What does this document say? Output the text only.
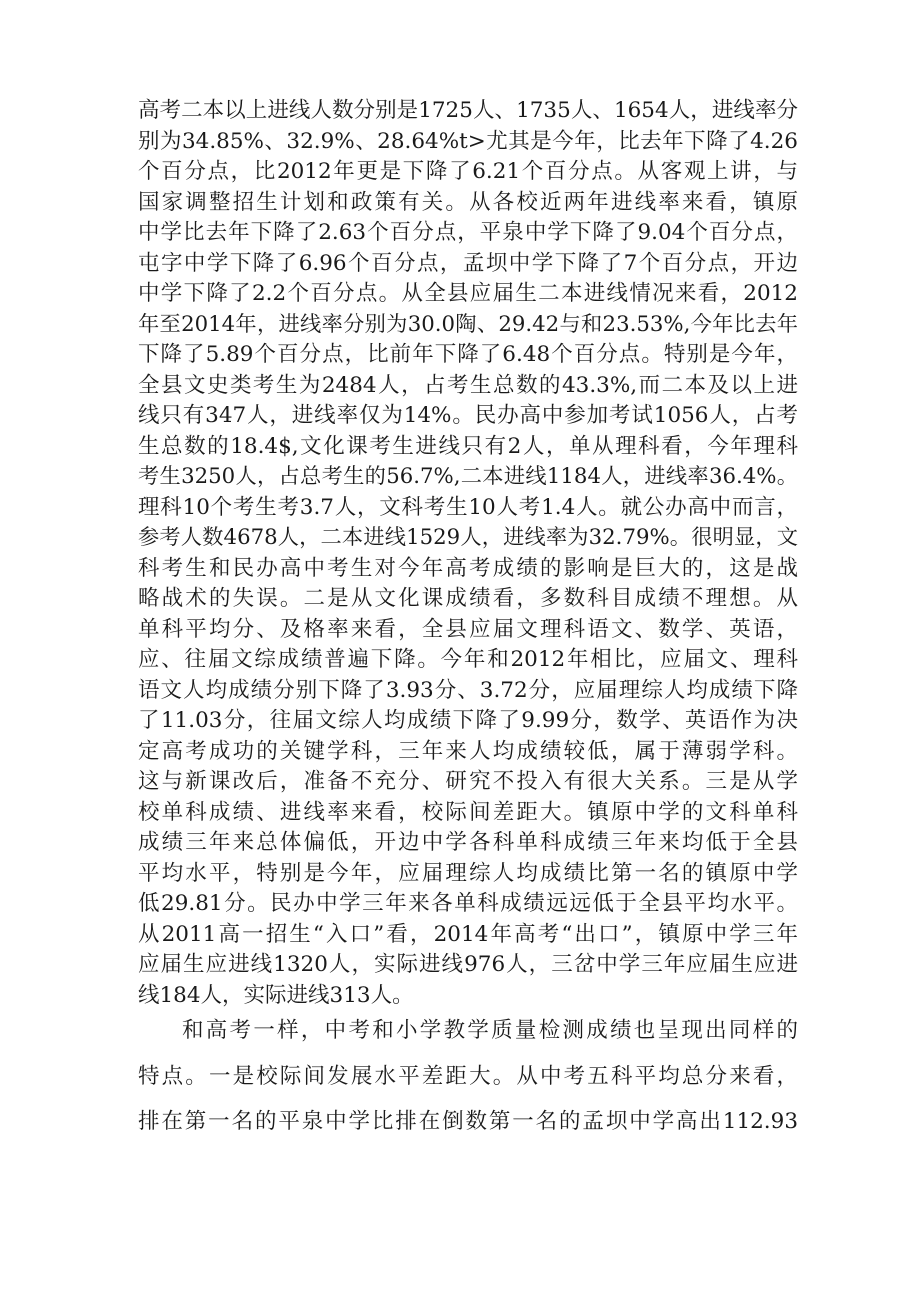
高考二本以上进线人数分别是1725人、1735人、1654人，进线率分
别为34.85%、32.9%、28.64%t>尤其是今年，比去年下降了4.26
个百分点，比2012年更是下降了6.21个百分点。从客观上讲，与
国家调整招生计划和政策有关。从各校近两年进线率来看，镇原
中学比去年下降了2.63个百分点，平泉中学下降了9.04个百分点，
屯字中学下降了6.96个百分点，孟坝中学下降了7个百分点，开边
中学下降了2.2个百分点。从全县应届生二本进线情况来看，2012
年至2014年，进线率分别为30.0陶、29.42与和23.53%,今年比去年
下降了5.89个百分点，比前年下降了6.48个百分点。特别是今年，
全县文史类考生为2484人，占考生总数的43.3%,而二本及以上进
线只有347人，进线率仅为14%。民办高中参加考试1056人，占考
生总数的18.4$,文化课考生进线只有2人，单从理科看，今年理科
考生3250人，占总考生的56.7%,二本进线1184人，进线率36.4%。
理科10个考生考3.7人，文科考生10人考1.4人。就公办高中而言，
参考人数4678人，二本进线1529人，进线率为32.79%。很明显，文
科考生和民办高中考生对今年高考成绩的影响是巨大的，这是战
略战术的失误。二是从文化课成绩看，多数科目成绩不理想。从
单科平均分、及格率来看，全县应届文理科语文、数学、英语，
应、往届文综成绩普遍下降。今年和2012年相比，应届文、理科
语文人均成绩分别下降了3.93分、3.72分，应届理综人均成绩下降
了11.03分，往届文综人均成绩下降了9.99分，数学、英语作为决
定高考成功的关键学科，三年来人均成绩较低，属于薄弱学科。
这与新课改后，准备不充分、研究不投入有很大关系。三是从学
校单科成绩、进线率来看，校际间差距大。镇原中学的文科单科
成绩三年来总体偏低，开边中学各科单科成绩三年来均低于全县
平均水平，特别是今年，应届理综人均成绩比第一名的镇原中学
低29.81分。民办中学三年来各单科成绩远远低于全县平均水平。
从2011高一招生“入口”看，2014年高考“出口”，镇原中学三年
应届生应进线1320人，实际进线976人，三岔中学三年应届生应进
线184人，实际进线313人。
和高考一样，中考和小学教学质量检测成绩也呈现出同样的
特点。一是校际间发展水平差距大。从中考五科平均总分来看，
排在第一名的平泉中学比排在倒数第一名的孟坝中学高出112.93
